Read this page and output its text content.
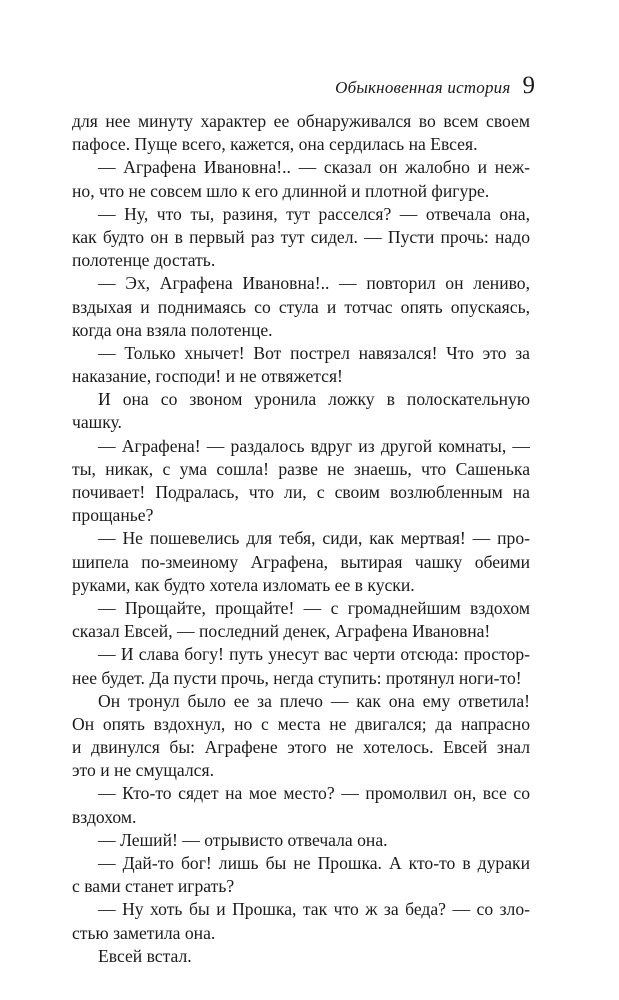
Обыкновенная история 9
для нее минуту характер ее обнаруживался во всем своем
пафосе. Пуще всего, кажется, она сердилась на Евсея.
— Аграфена Ивановна!.. — сказал он жалобно и неж-
но, что не совсем шло к его длинной и плотной фигуре.
— Ну, что ты, разиня, тут расселся? — отвечала она,
как будто он в первый раз тут сидел. — Пусти прочь: надо
полотенце достать.
— Эх, Аграфена Ивановна!.. — повторил он лениво,
вздыхая и поднимаясь со стула и тотчас опять опускаясь,
когда она взяла полотенце.
— Только хнычет! Вот пострел навязался! Что это за
наказание, господи! и не отвяжется!
И она со звоном уронила ложку в полоскательную
чашку.
— Аграфена! — раздалось вдруг из другой комнаты, —
ты, никак, с ума сошла! разве не знаешь, что Сашенька
почивает! Подралась, что ли, с своим возлюбленным на
прощанье?
— Не пошевелись для тебя, сиди, как мертвая! — про-
шипела по-змеиному Аграфена, вытирая чашку обеими
руками, как будто хотела изломать ее в куски.
— Прощайте, прощайте! — с громаднейшим вздохом
сказал Евсей, — последний денек, Аграфена Ивановна!
— И слава богу! путь унесут вас черти отсюда: простор-
нее будет. Да пусти прочь, негда ступить: протянул ноги-то!
Он тронул было ее за плечо — как она ему ответила!
Он опять вздохнул, но с места не двигался; да напрасно
и двинулся бы: Аграфене этого не хотелось. Евсей знал
это и не смущался.
— Кто-то сядет на мое место? — промолвил он, все со
вздохом.
— Леший! — отрывисто отвечала она.
— Дай-то бог! лишь бы не Прошка. А кто-то в дураки
с вами станет играть?
— Ну хоть бы и Прошка, так что ж за беда? — со зло-
стью заметила она.
Евсей встал.
